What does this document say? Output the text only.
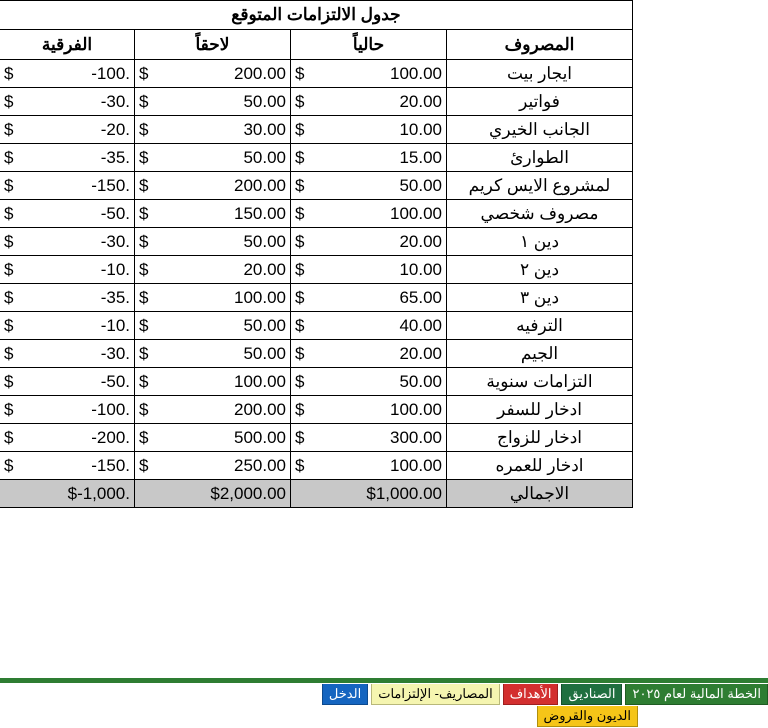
جدول الالتزامات المتوقع			
المصروف	حالياً	لاحقاً	الفرقية
ايجار بيت	$ 100.00	$ 200.00	$ -100.

فواتير	$ 20.00	$ 50.00	$ -30.

الجانب الخيري	$ 10.00	$ 30.00	$ -20.

الطوارئ	$ 15.00	$ 50.00	$ -35.

لمشروع الايس كريم	$ 50.00	$ 200.00	$ -150.

مصروف شخصي	$ 100.00	$ 150.00	$ -50.

دين ١	$ 20.00	$ 50.00	$ -30.

دين ٢	$ 10.00	$ 20.00	$ -10.

دين ٣	$ 65.00	$ 100.00	$ -35.

الترفيه	$ 40.00	$ 50.00	$ -10.

الجيم	$ 20.00	$ 50.00	$ -30.

التزامات سنوية	$ 50.00	$ 100.00	$ -50.

ادخار للسفر	$ 100.00	$ 200.00	$ -100.

ادخار للزواج	$ 300.00	$ 500.00	$ -200.

ادخار للعمره	$ 100.00	$ 250.00	$ -150.

الاجمالي	$1,000.00	$2,000.00	$-1,000.
الخطة المالية لعام ٢٠٢٥
الصناديق
الأهداف
المصاريف- الإلتزامات
الدخل
الديون والقروض
